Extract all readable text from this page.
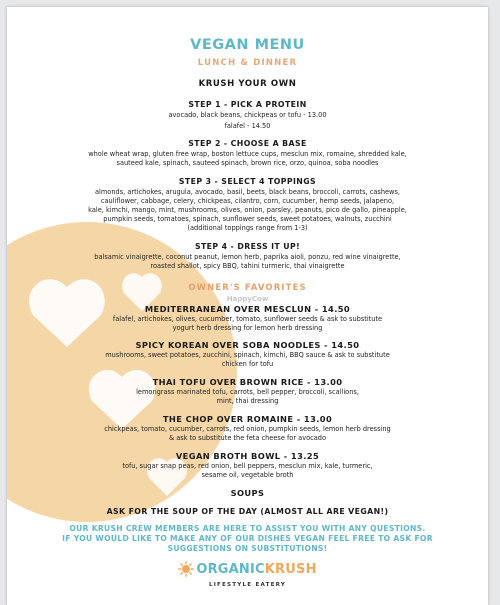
VEGAN MENU
LUNCH & DINNER
KRUSH YOUR OWN
STEP 1 - PICK A PROTEIN
avocado, black beans, chickpeas or tofu - 13.00
falafel - 14.50
STEP 2 - CHOOSE A BASE
whole wheat wrap, gluten free wrap, boston lettuce cups, mesclun mix, romaine, shredded kale,
sauteed kale, spinach, sauteed spinach, brown rice, orzo, quinoa, soba noodles
STEP 3 - SELECT 4 TOPPINGS
almonds, artichokes, arugula, avocado, basil, beets, black beans, broccoli, carrots, cashews,
cauliflower, cabbage, celery, chickpeas, cilantro, corn, cucumber, hemp seeds, jalapeno,
kale, kimchi, mango, mint, mushrooms, olives, onion, parsley, peanuts, pico de gallo, pineapple,
pumpkin seeds, tomatoes, spinach, sunflower seeds, sweet potatoes, walnuts, zucchini
(additional toppings range from 1-3)
STEP 4 - DRESS IT UP!
balsamic vinaigrette, coconut peanut, lemon herb, paprika aioli, ponzu, red wine vinaigrette,
roasted shallot, spicy BBQ, tahini turmeric, thai vinaigrette
OWNER'S FAVORITES
HappyCow
MEDITERRANEAN OVER MESCLUN - 14.50
falafel, artichokes, olives, cucumber, tomato, sunflower seeds & ask to substitute
yogurt herb dressing for lemon herb dressing
SPICY KOREAN OVER SOBA NOODLES - 14.50
mushrooms, sweet potatoes, zucchini, spinach, kimchi, BBQ sauce & ask to substitute
chicken for tofu
THAI TOFU OVER BROWN RICE - 13.00
lemongrass marinated tofu, carrots, bell pepper, broccoli, scallions,
mint, thai dressing
THE CHOP OVER ROMAINE - 13.00
chickpeas, tomato, cucumber, carrots, red onion, pumpkin seeds, lemon herb dressing
& ask to substitute the feta cheese for avocado
VEGAN BROTH BOWL - 13.25
tofu, sugar snap peas, red onion, bell peppers, mesclun mix, kale, turmeric,
sesame oil, vegetable broth
SOUPS
ASK FOR THE SOUP OF THE DAY (ALMOST ALL ARE VEGAN!)
OUR KRUSH CREW MEMBERS ARE HERE TO ASSIST YOU WITH ANY QUESTIONS.
IF YOU WOULD LIKE TO MAKE ANY OF OUR DISHES VEGAN FEEL FREE TO ASK FOR
SUGGESTIONS ON SUBSTITUTIONS!
ORGANICKRUSH
LIFESTYLE EATERY
